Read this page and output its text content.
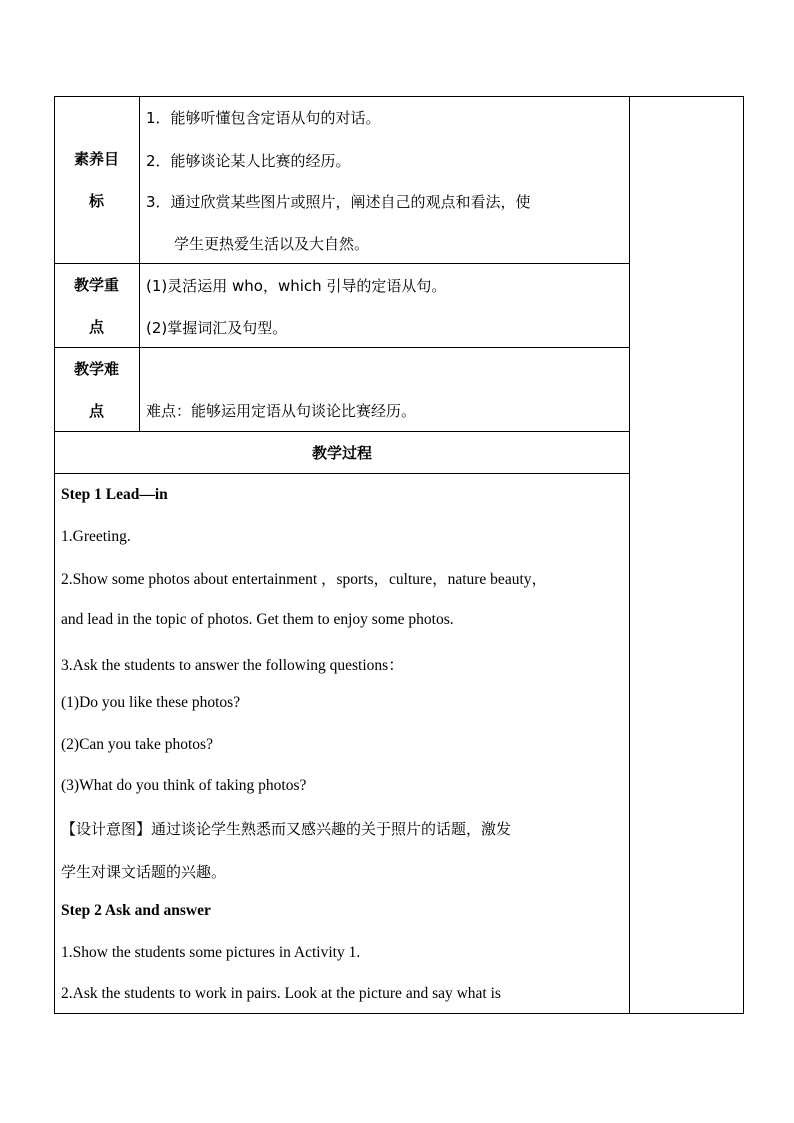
素养目
标
1．能够听懂包含定语从句的对话。
2．能够谈论某人比赛的经历。
3．通过欣赏某些图片或照片，阐述自己的观点和看法，使
学生更热爱生活以及大自然。
教学重
点
(1)灵活运用 who，which 引导的定语从句。
(2)掌握词汇及句型。
教学难
点	难点：能够运用定语从句谈论比赛经历。
教学过程
Step 1 Lead—in
1.Greeting.
2.Show some photos about entertainment ，sports，culture，nature beauty，
and lead in the topic of photos. Get them to enjoy some photos.
3.Ask the students to answer the following questions：
(1)Do you like these photos?
(2)Can you take photos?
(3)What do you think of taking photos?
【设计意图】通过谈论学生熟悉而又感兴趣的关于照片的话题，激发
学生对课文话题的兴趣。
Step 2 Ask and answer
1.Show the students some pictures in Activity 1.
2.Ask the students to work in pairs. Look at the picture and say what is
